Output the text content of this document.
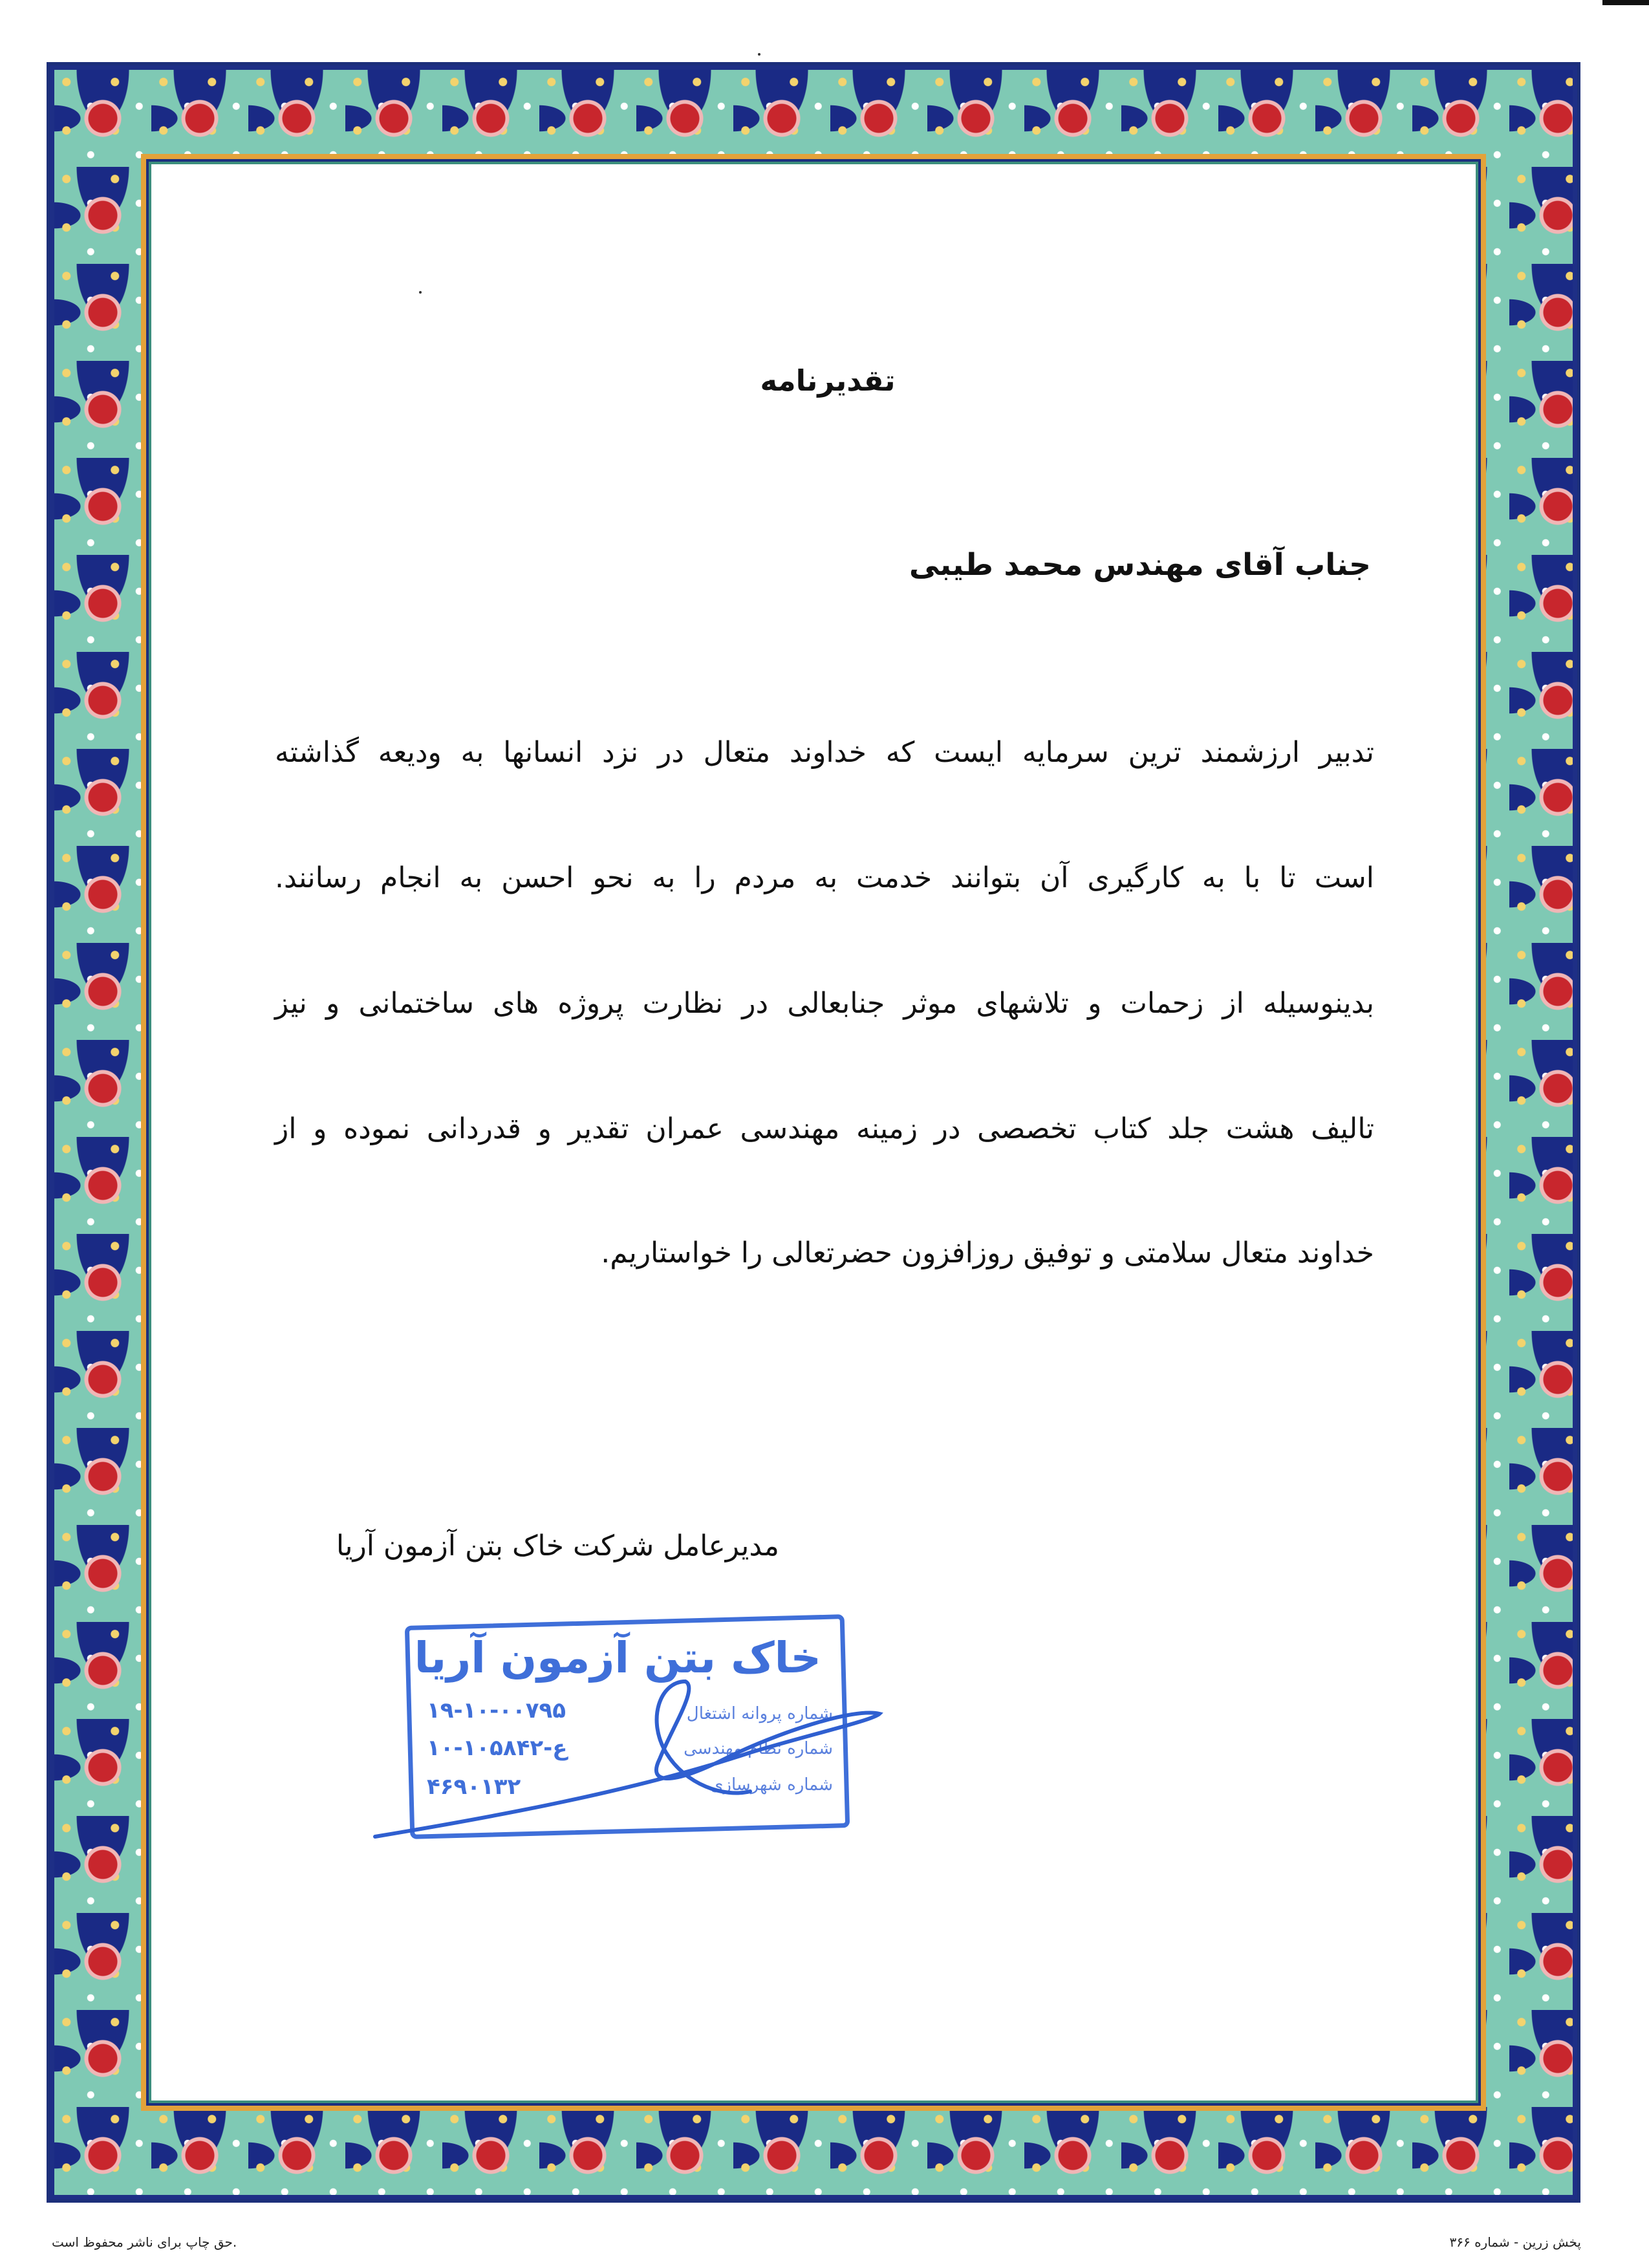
تقدیرنامه
جناب آقای مهندس محمد طیبی
تدبیر ارزشمند ترین سرمایه ایست که خداوند متعال در نزد انسانها به ودیعه گذاشته
است تا با به کارگیری آن بتوانند خدمت به مردم را به نحو احسن به انجام رسانند.
بدینوسیله از زحمات و تلاشهای موثر جنابعالی در نظارت پروژه های ساختمانی و نیز
تالیف هشت جلد کتاب تخصصی در زمینه مهندسی عمران تقدیر و قدردانی نموده و از
خداوند متعال سلامتی و توفیق روزافزون حضرتعالی را خواستاریم.
مدیرعامل شرکت خاک بتن آزمون آریا
خاک بتن آزمون آریا
۱۹-۱۰-۰۰۷۹۵
۱۰-ع-۱۰۵۸۴۲
۴۶۹۰۱۳۲
شماره پروانه اشتغال
شماره نظام مهندسی
شماره شهرسازی
حق چاپ برای ناشر محفوظ است.	پخش زرین - شماره ۳۶۶
